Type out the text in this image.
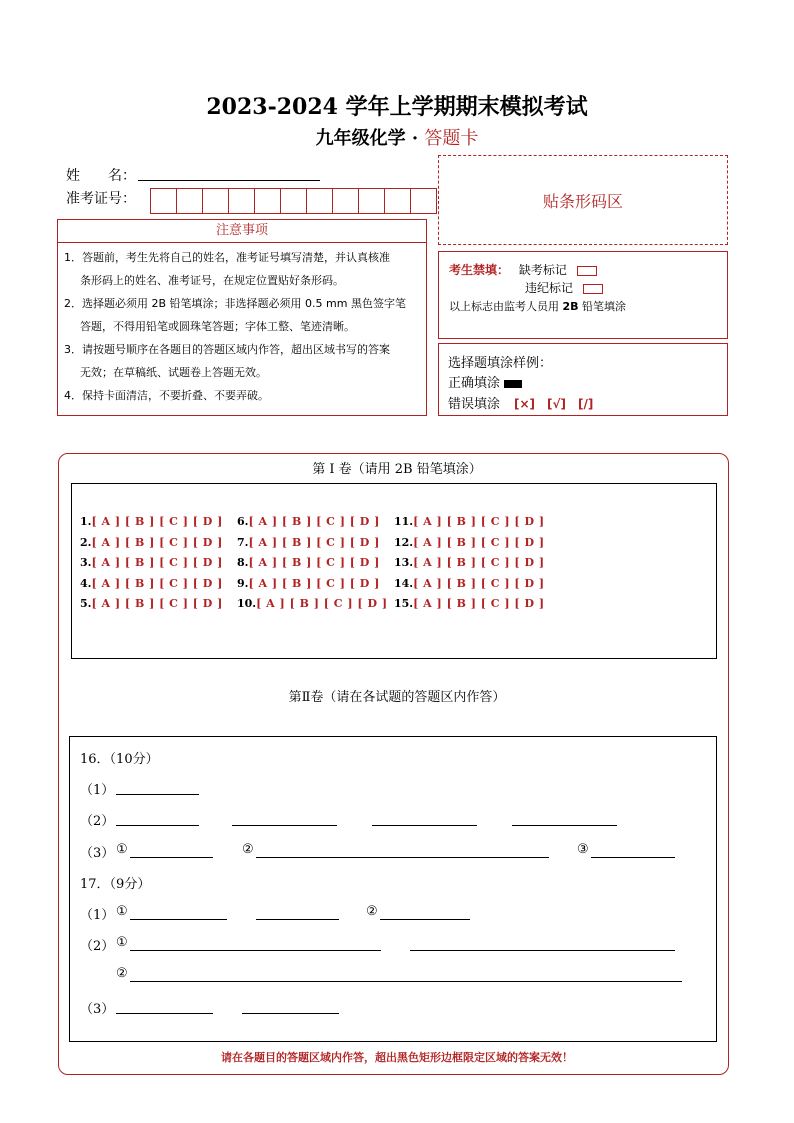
2023-2024 学年上学期期末模拟考试
九年级化学 · 答题卡
姓　　名：
准考证号：	贴条形码区
注意事项
1．答题前，考生先将自己的姓名，准考证号填写清楚，并认真核准
条形码上的姓名、准考证号，在规定位置贴好条形码。
2．选择题必须用 2B 铅笔填涂；非选择题必须用 0.5 mm 黑色签字笔
答题，不得用铅笔或圆珠笔答题；字体工整、笔迹清晰。
3．请按题号顺序在各题目的答题区域内作答，超出区域书写的答案
无效；在草稿纸、试题卷上答题无效。
4．保持卡面清洁，不要折叠、不要弄破。
考生禁填： 缺考标记
违纪标记
以上标志由监考人员用 2B 铅笔填涂
选择题填涂样例：
正确填涂
错误填涂 [×]　[√]　[/]
第 I 卷（请用 2B 铅笔填涂）
1.[ A ] [ B ] [ C ] [ D ]
2.[ A ] [ B ] [ C ] [ D ]
3.[ A ] [ B ] [ C ] [ D ]
4.[ A ] [ B ] [ C ] [ D ]
5.[ A ] [ B ] [ C ] [ D ]
6.[ A ] [ B ] [ C ] [ D ]
7.[ A ] [ B ] [ C ] [ D ]
8.[ A ] [ B ] [ C ] [ D ]
9.[ A ] [ B ] [ C ] [ D ]
10.[ A ] [ B ] [ C ] [ D ]
11.[ A ] [ B ] [ C ] [ D ]
12.[ A ] [ B ] [ C ] [ D ]
13.[ A ] [ B ] [ C ] [ D ]
14.[ A ] [ B ] [ C ] [ D ]
15.[ A ] [ B ] [ C ] [ D ]
第Ⅱ卷（请在各试题的答题区内作答）
16．（10分）
（1）
（2）
（3） ①	②	③
17．（9分）
（1） ①	②
（2） ①
②
（3）
请在各题目的答题区域内作答，超出黑色矩形边框限定区域的答案无效！
